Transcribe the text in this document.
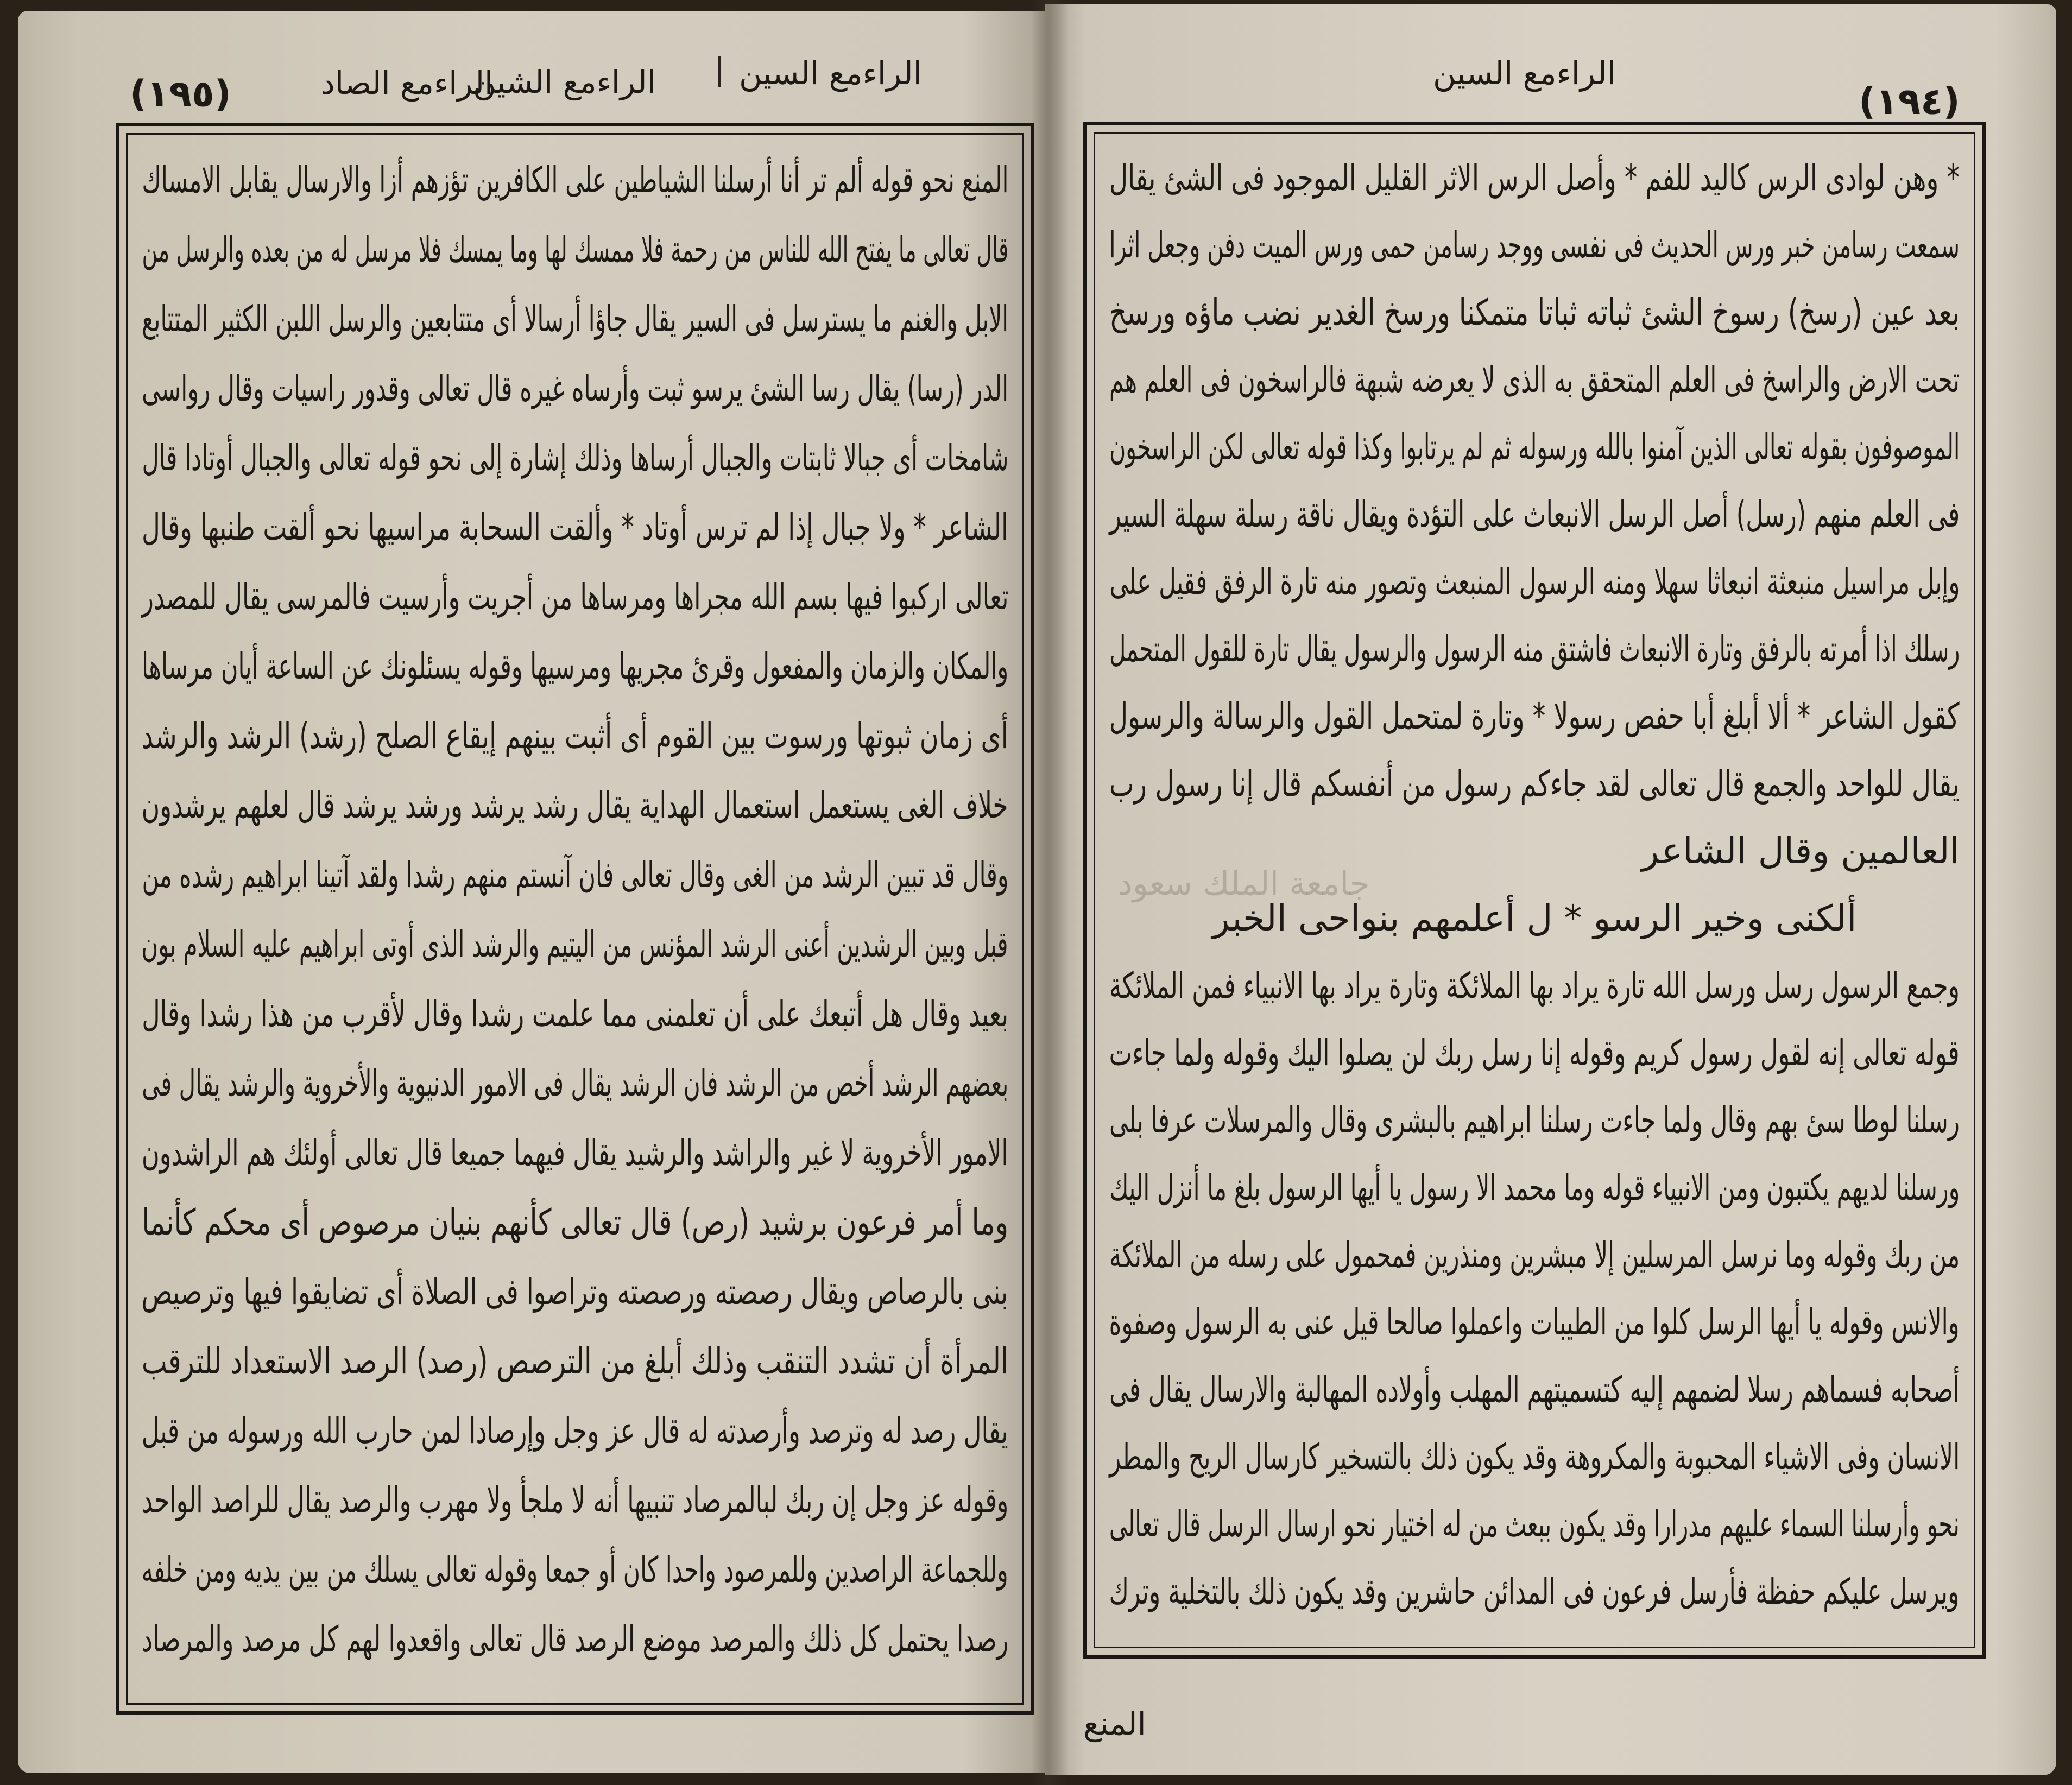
(١٩٥)	الراءمع الصاد
الراءمع الشين	الراءمع السين	الراءمع السين
(١٩٤)
المنع نحو قوله ألم تر أنا أرسلنا الشياطين على الكافرين تؤزهم أزا والارسال يقابل الامساك
قال تعالى ما يفتح الله للناس من رحمة فلا ممسك لها وما يمسك فلا مرسل له من بعده والرسل من
الابل والغنم ما يسترسل فى السير يقال جاؤا أرسالا أى متتابعين والرسل اللبن الكثير المتتابع
الدر (رسا) يقال رسا الشئ يرسو ثبت وأرساه غيره قال تعالى وقدور راسيات وقال رواسى
شامخات أى جبالا ثابتات والجبال أرساها وذلك إشارة إلى نحو قوله تعالى والجبال أوتادا قال
الشاعر * ولا جبال إذا لم ترس أوتاد * وألقت السحابة مراسيها نحو ألقت طنبها وقال
تعالى اركبوا فيها بسم الله مجراها ومرساها من أجريت وأرسيت فالمرسى يقال للمصدر
والمكان والزمان والمفعول وقرئ مجريها ومرسيها وقوله يسئلونك عن الساعة أيان مرساها
أى زمان ثبوتها ورسوت بين القوم أى أثبت بينهم إيقاع الصلح (رشد) الرشد والرشد
خلاف الغى يستعمل استعمال الهداية يقال رشد يرشد ورشد يرشد قال لعلهم يرشدون
وقال قد تبين الرشد من الغى وقال تعالى فان آنستم منهم رشدا ولقد آتينا ابراهيم رشده من
قبل وبين الرشدين أعنى الرشد المؤنس من اليتيم والرشد الذى أوتى ابراهيم عليه السلام بون
بعيد وقال هل أتبعك على أن تعلمنى مما علمت رشدا وقال لأقرب من هذا رشدا وقال
بعضهم الرشد أخص من الرشد فان الرشد يقال فى الامور الدنيوية والأخروية والرشد يقال فى
الامور الأخروية لا غير والراشد والرشيد يقال فيهما جميعا قال تعالى أولئك هم الراشدون
وما أمر فرعون برشيد (رص) قال تعالى كأنهم بنيان مرصوص أى محكم كأنما
بنى بالرصاص ويقال رصصته ورصصته وتراصوا فى الصلاة أى تضايقوا فيها وترصيص
المرأة أن تشدد التنقب وذلك أبلغ من الترصص (رصد) الرصد الاستعداد للترقب
يقال رصد له وترصد وأرصدته له قال عز وجل وإرصادا لمن حارب الله ورسوله من قبل
وقوله عز وجل إن ربك لبالمرصاد تنبيها أنه لا ملجأ ولا مهرب والرصد يقال للراصد الواحد
وللجماعة الراصدين وللمرصود واحدا كان أو جمعا وقوله تعالى يسلك من بين يديه ومن خلفه
رصدا يحتمل كل ذلك والمرصد موضع الرصد قال تعالى واقعدوا لهم كل مرصد والمرصاد
* وهن لوادى الرس كاليد للفم * وأصل الرس الاثر القليل الموجود فى الشئ يقال
سمعت رسامن خبر ورس الحديث فى نفسى ووجد رسامن حمى ورس الميت دفن وجعل اثرا
بعد عين (رسخ) رسوخ الشئ ثباته ثباتا متمكنا ورسخ الغدير نضب ماؤه ورسخ
تحت الارض والراسخ فى العلم المتحقق به الذى لا يعرضه شبهة فالراسخون فى العلم هم
الموصوفون بقوله تعالى الذين آمنوا بالله ورسوله ثم لم يرتابوا وكذا قوله تعالى لكن الراسخون
فى العلم منهم (رسل) أصل الرسل الانبعاث على التؤدة ويقال ناقة رسلة سهلة السير
وإبل مراسيل منبعثة انبعاثا سهلا ومنه الرسول المنبعث وتصور منه تارة الرفق فقيل على
رسلك اذا أمرته بالرفق وتارة الانبعاث فاشتق منه الرسول والرسول يقال تارة للقول المتحمل
كقول الشاعر * ألا أبلغ أبا حفص رسولا * وتارة لمتحمل القول والرسالة والرسول
يقال للواحد والجمع قال تعالى لقد جاءكم رسول من أنفسكم قال إنا رسول رب
العالمين وقال الشاعر
ألكنى وخير الرسو * ل أعلمهم بنواحى الخبر
وجمع الرسول رسل ورسل الله تارة يراد بها الملائكة وتارة يراد بها الانبياء فمن الملائكة
قوله تعالى إنه لقول رسول كريم وقوله إنا رسل ربك لن يصلوا اليك وقوله ولما جاءت
رسلنا لوطا سئ بهم وقال ولما جاءت رسلنا ابراهيم بالبشرى وقال والمرسلات عرفا بلى
ورسلنا لديهم يكتبون ومن الانبياء قوله وما محمد الا رسول يا أيها الرسول بلغ ما أنزل اليك
من ربك وقوله وما نرسل المرسلين إلا مبشرين ومنذرين فمحمول على رسله من الملائكة
والانس وقوله يا أيها الرسل كلوا من الطيبات واعملوا صالحا قيل عنى به الرسول وصفوة
أصحابه فسماهم رسلا لضمهم إليه كتسميتهم المهلب وأولاده المهالبة والارسال يقال فى
الانسان وفى الاشياء المحبوبة والمكروهة وقد يكون ذلك بالتسخير كارسال الريح والمطر
نحو وأرسلنا السماء عليهم مدرارا وقد يكون ببعث من له اختيار نحو ارسال الرسل قال تعالى
ويرسل عليكم حفظة فأرسل فرعون فى المدائن حاشرين وقد يكون ذلك بالتخلية وترك
المنع
جامعة الملك سعود
